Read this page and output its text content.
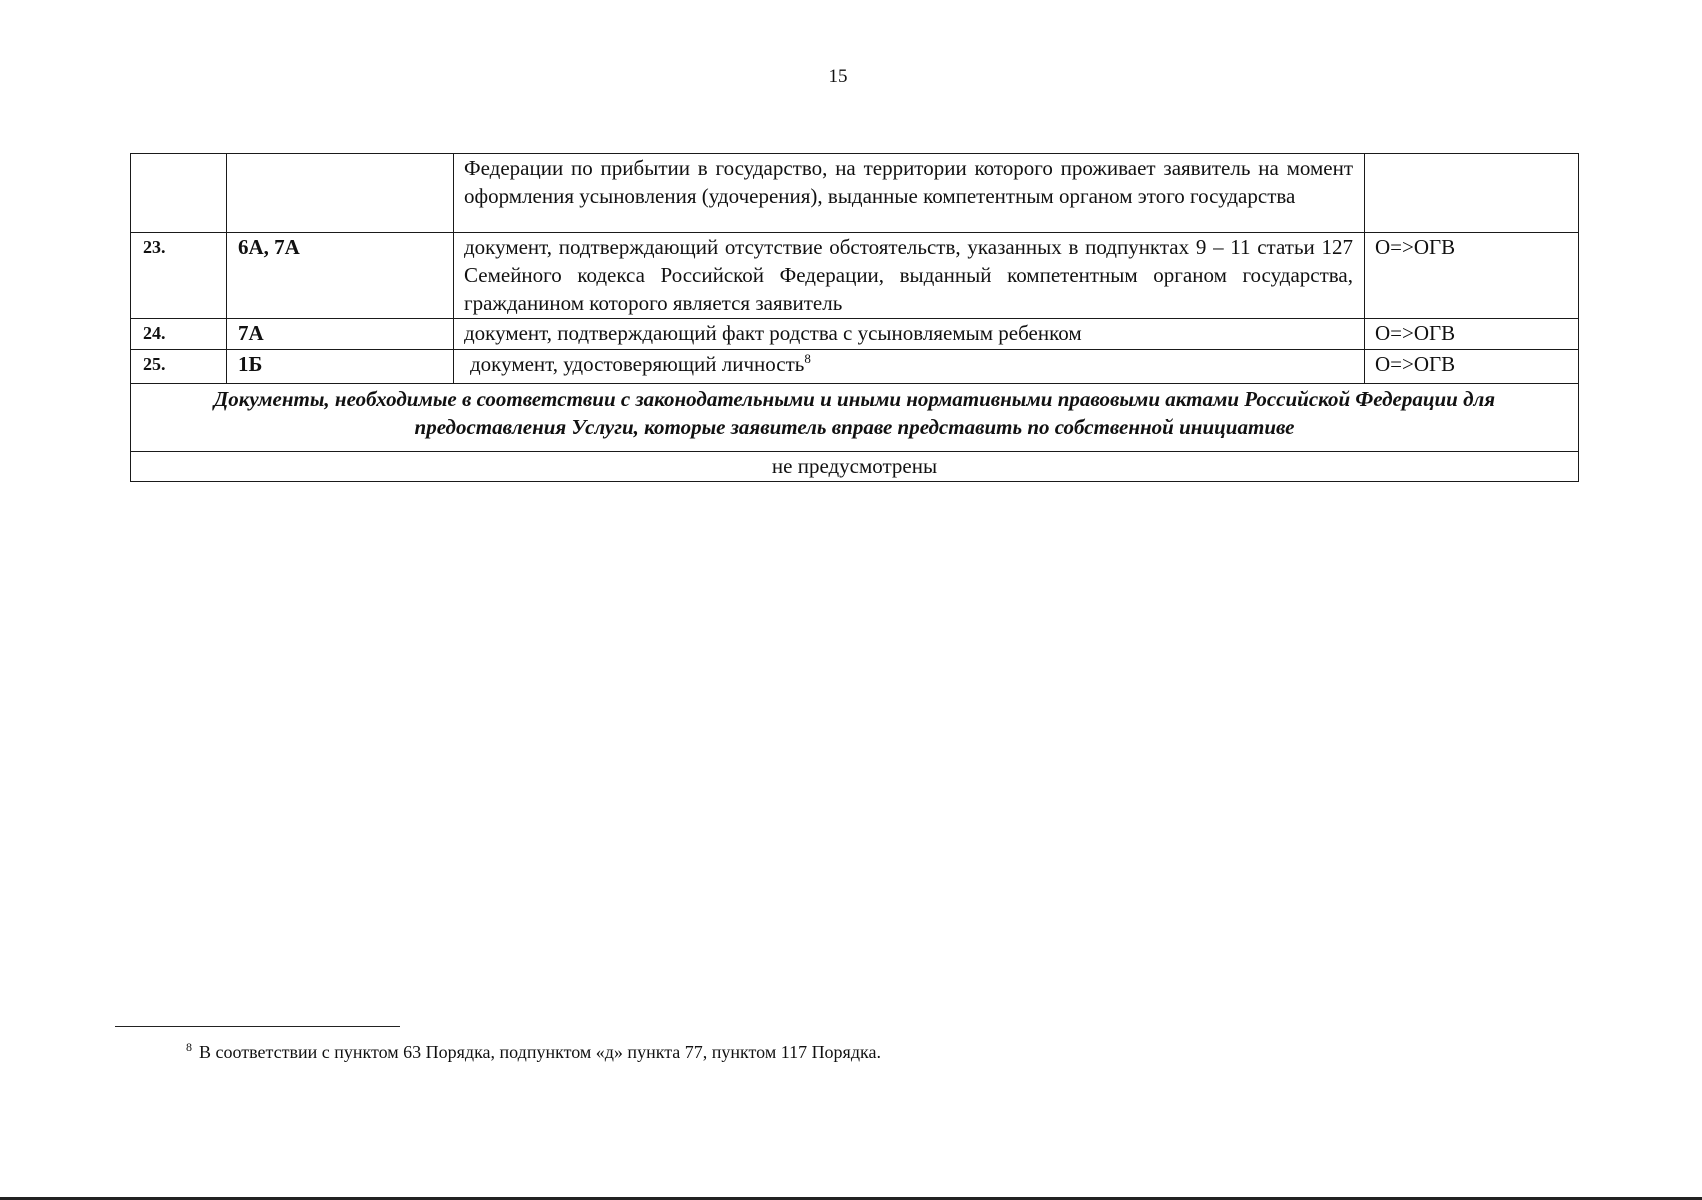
15
		Федерации по прибытии в государство, на территории которого проживает заявитель на момент оформления усыновления (удочерения), выданные компетентным органом этого государства	
23.	6А, 7А	документ, подтверждающий отсутствие обстоятельств, указанных в подпунктах 9 – 11 статьи 127 Семейного кодекса Российской Федерации, выданный компетентным органом государства, гражданином которого является заявитель	О=>ОГВ
24.	7А	документ, подтверждающий факт родства с усыновляемым ребенком	О=>ОГВ
25.	1Б	документ, удостоверяющий личность$^8$	О=>ОГВ
Документы, необходимые в соответствии с законодательными и иными нормативными правовыми актами Российской Федерации для предоставления Услуги, которые заявитель вправе представить по собственной инициативе			
не предусмотрены			
$^8$ В соответствии с пунктом 63 Порядка, подпунктом «д» пункта 77, пунктом 117 Порядка.
